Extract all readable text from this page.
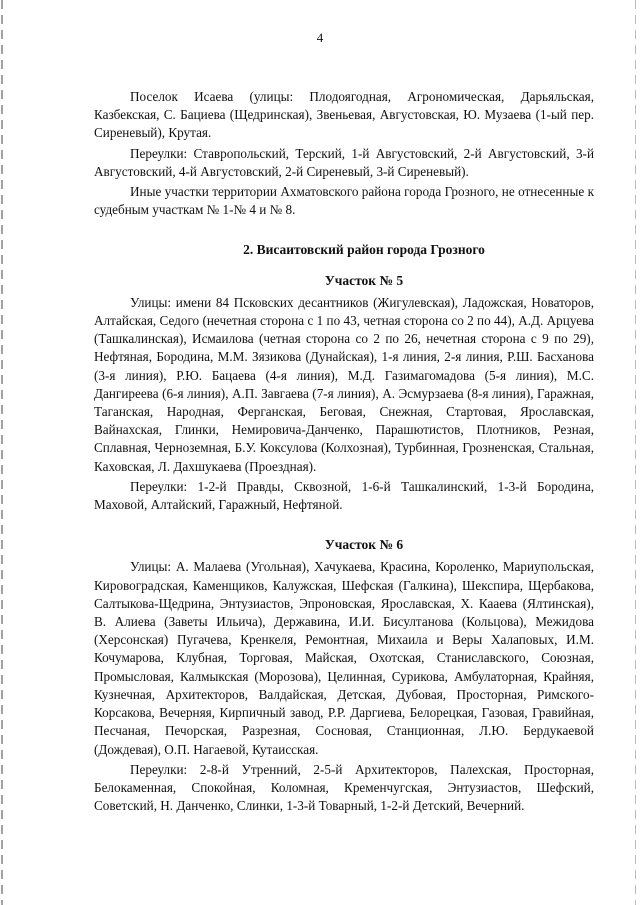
4

Поселок Исаева (улицы: Плодоягодная, Агрономическая, Дарьяльская, Казбекская, С. Бациева (Щедринская), Звеньевая, Августовская, Ю. Музаева (1-ый пер. Сиреневый), Крутая.

Переулки: Ставропольский, Терский, 1-й Августовский, 2-й Августовский, 3-й Августовский, 4-й Августовский, 2-й Сиреневый, 3-й Сиреневый).

Иные участки территории Ахматовского района города Грозного, не отнесенные к судебным участкам № 1-№ 4 и № 8.

2. Висаитовский район города Грозного
Участок № 5

Улицы: имени 84 Псковских десантников (Жигулевская), Ладожская, Новаторов, Алтайская, Седого (нечетная сторона с 1 по 43, четная сторона со 2 по 44), А.Д. Арцуева (Ташкалинская), Исмаилова (четная сторона со 2 по 26, нечетная сторона с 9 по 29), Нефтяная, Бородина, М.М. Зязикова (Дунайская), 1-я линия, 2-я линия, Р.Ш. Басханова (3-я линия), Р.Ю. Бацаева (4-я линия), М.Д. Газимагомадова (5-я линия), М.С. Дангиреева (6-я линия), А.П. Завгаева (7-я линия), А. Эсмурзаева (8-я линия), Гаражная, Таганская, Народная, Ферганская, Беговая, Снежная, Стартовая, Ярославская, Вайнахская, Глинки, Немировича-Данченко, Парашютистов, Плотников, Резная, Сплавная, Черноземная, Б.У. Коксулова (Колхозная), Турбинная, Грозненская, Стальная, Каховская, Л. Дахшукаева (Проездная).

Переулки: 1-2-й Правды, Сквозной, 1-6-й Ташкалинский, 1-3-й Бородина, Маховой, Алтайский, Гаражный, Нефтяной.

Участок № 6

Улицы: А. Малаева (Угольная), Хачукаева, Красина, Короленко, Мариупольская, Кировоградская, Каменщиков, Калужская, Шефская (Галкина), Шекспира, Щербакова, Салтыкова-Щедрина, Энтузиастов, Эпроновская, Ярославская, Х. Кааева (Ялтинская), В. Алиева (Заветы Ильича), Державина, И.И. Бисултанова (Кольцова), Межидова (Херсонская) Пугачева, Кренкеля, Ремонтная, Михаила и Веры Халаповых, И.М. Кочумарова, Клубная, Торговая, Майская, Охотская, Станиславского, Союзная, Промысловая, Калмыкская (Морозова), Целинная, Сурикова, Амбулаторная, Крайняя, Кузнечная, Архитекторов, Валдайская, Детская, Дубовая, Просторная, Римского-Корсакова, Вечерняя, Кирпичный завод, Р.Р. Даргиева, Белорецкая, Газовая, Гравийная, Песчаная, Печорская, Разрезная, Сосновая, Станционная, Л.Ю. Бердукаевой (Дождевая), О.П. Нагаевой, Кутаисская.

Переулки: 2-8-й Утренний, 2-5-й Архитекторов, Палехская, Просторная, Белокаменная, Спокойная, Коломная, Кременчугская, Энтузиастов, Шефский, Советский, Н. Данченко, Слинки, 1-3-й Товарный, 1-2-й Детский, Вечерний.
